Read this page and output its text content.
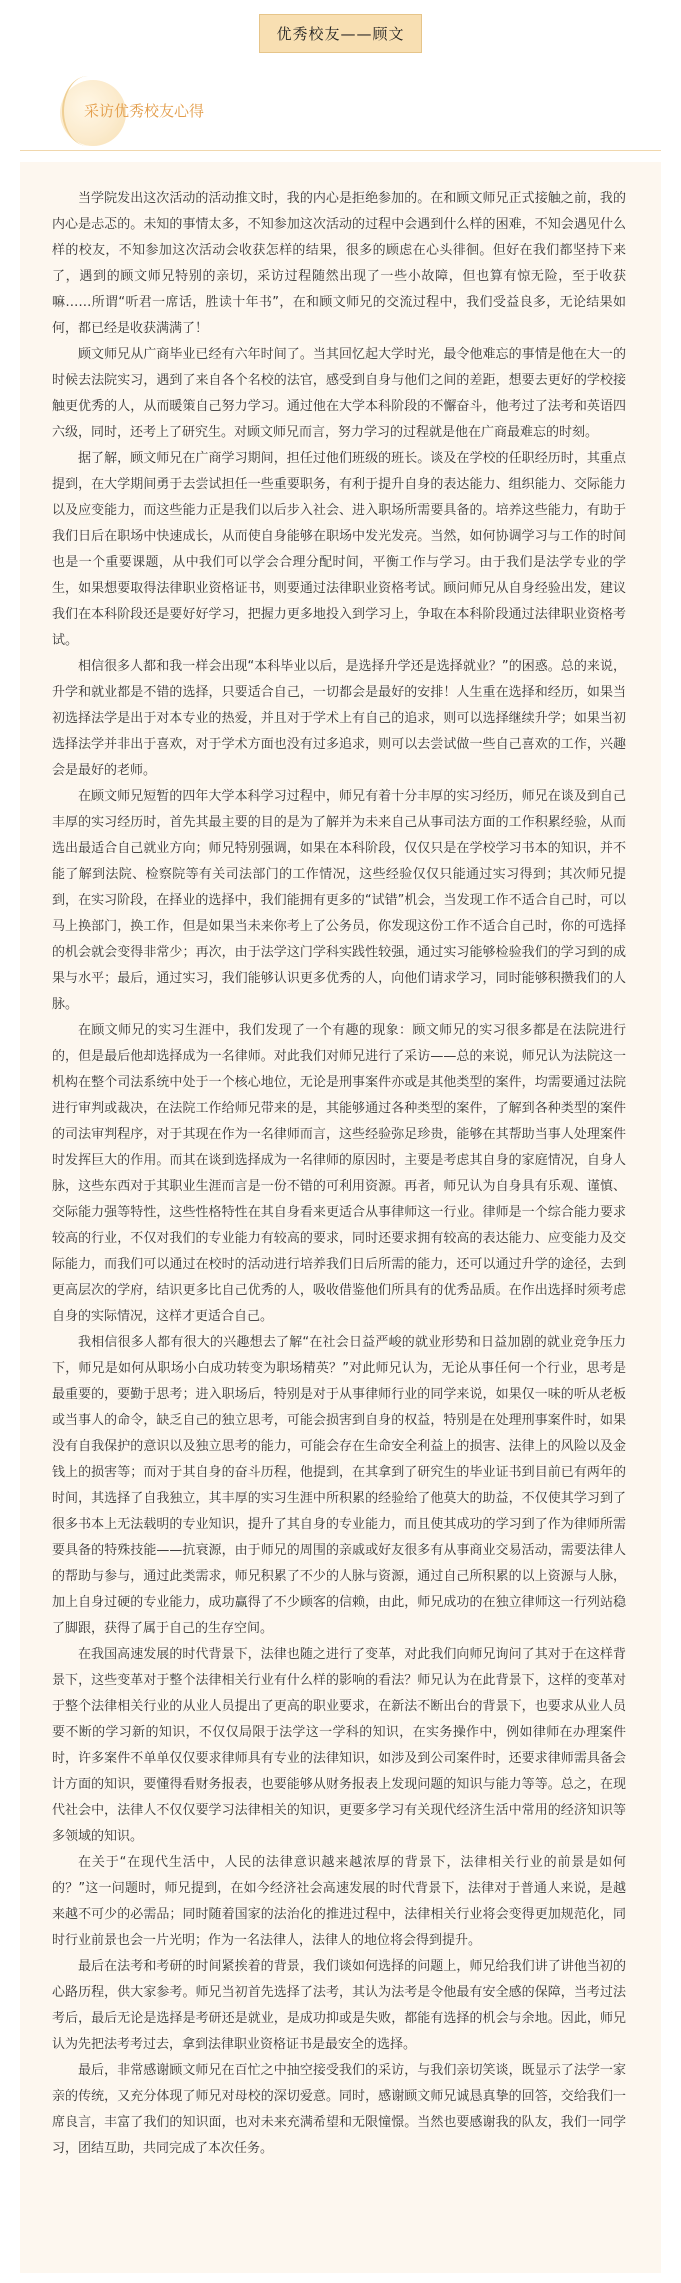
优秀校友——顾文
采访优秀校友心得

当学院发出这次活动的活动推文时，我的内心是拒绝参加的。在和顾文师兄正式接触之前，我的内心是忐忑的。未知的事情太多，不知参加这次活动的过程中会遇到什么样的困难，不知会遇见什么样的校友，不知参加这次活动会收获怎样的结果，很多的顾虑在心头徘徊。但好在我们都坚持下来了，遇到的顾文师兄特别的亲切，采访过程随然出现了一些小故障，但也算有惊无险，至于收获嘛……所谓“听君一席话，胜读十年书”，在和顾文师兄的交流过程中，我们受益良多，无论结果如何，都已经是收获满满了！

顾文师兄从广商毕业已经有六年时间了。当其回忆起大学时光，最令他难忘的事情是他在大一的时候去法院实习，遇到了来自各个名校的法官，感受到自身与他们之间的差距，想要去更好的学校接触更优秀的人，从而暖策自己努力学习。通过他在大学本科阶段的不懈奋斗，他考过了法考和英语四六级，同时，还考上了研究生。对顾文师兄而言，努力学习的过程就是他在广商最难忘的时刻。

据了解，顾文师兄在广商学习期间，担任过他们班级的班长。谈及在学校的任职经历时，其重点提到，在大学期间勇于去尝试担任一些重要职务，有利于提升自身的表达能力、组织能力、交际能力以及应变能力，而这些能力正是我们以后步入社会、进入职场所需要具备的。培养这些能力，有助于我们日后在职场中快速成长，从而使自身能够在职场中发光发亮。当然，如何协调学习与工作的时间也是一个重要课题，从中我们可以学会合理分配时间，平衡工作与学习。由于我们是法学专业的学生，如果想要取得法律职业资格证书，则要通过法律职业资格考试。顾问师兄从自身经验出发，建议我们在本科阶段还是要好好学习，把握力更多地投入到学习上，争取在本科阶段通过法律职业资格考试。

相信很多人都和我一样会出现“本科毕业以后，是选择升学还是选择就业？”的困惑。总的来说，升学和就业都是不错的选择，只要适合自己，一切都会是最好的安排！人生重在选择和经历，如果当初选择法学是出于对本专业的热爱，并且对于学术上有自己的追求，则可以选择继续升学；如果当初选择法学并非出于喜欢，对于学术方面也没有过多追求，则可以去尝试做一些自己喜欢的工作，兴趣会是最好的老师。

在顾文师兄短暂的四年大学本科学习过程中，师兄有着十分丰厚的实习经历，师兄在谈及到自己丰厚的实习经历时，首先其最主要的目的是为了解并为未来自己从事司法方面的工作积累经验，从而选出最适合自己就业方向；师兄特别强调，如果在本科阶段，仅仅只是在学校学习书本的知识，并不能了解到法院、检察院等有关司法部门的工作情况，这些经验仅仅只能通过实习得到；其次师兄提到，在实习阶段，在择业的选择中，我们能拥有更多的“试错”机会，当发现工作不适合自己时，可以马上换部门，换工作，但是如果当未来你考上了公务员，你发现这份工作不适合自己时，你的可选择的机会就会变得非常少；再次，由于法学这门学科实践性较强，通过实习能够检验我们的学习到的成果与水平；最后，通过实习，我们能够认识更多优秀的人，向他们请求学习，同时能够积攒我们的人脉。

在顾文师兄的实习生涯中，我们发现了一个有趣的现象：顾文师兄的实习很多都是在法院进行的，但是最后他却选择成为一名律师。对此我们对师兄进行了采访——总的来说，师兄认为法院这一机构在整个司法系统中处于一个核心地位，无论是刑事案件亦或是其他类型的案件，均需要通过法院进行审判或裁决，在法院工作给师兄带来的是，其能够通过各种类型的案件，了解到各种类型的案件的司法审判程序，对于其现在作为一名律师而言，这些经验弥足珍贵，能够在其帮助当事人处理案件时发挥巨大的作用。而其在谈到选择成为一名律师的原因时，主要是考虑其自身的家庭情况，自身人脉，这些东西对于其职业生涯而言是一份不错的可利用资源。再者，师兄认为自身具有乐观、谨慎、交际能力强等特性，这些性格特性在其自身看来更适合从事律师这一行业。律师是一个综合能力要求较高的行业，不仅对我们的专业能力有较高的要求，同时还要求拥有较高的表达能力、应变能力及交际能力，而我们可以通过在校时的活动进行培养我们日后所需的能力，还可以通过升学的途径，去到更高层次的学府，结识更多比自己优秀的人，吸收借鉴他们所具有的优秀品质。在作出选择时须考虑自身的实际情况，这样才更适合自己。

我相信很多人都有很大的兴趣想去了解“在社会日益严峻的就业形势和日益加剧的就业竞争压力下，师兄是如何从职场小白成功转变为职场精英？”对此师兄认为，无论从事任何一个行业，思考是最重要的，要勤于思考；进入职场后，特别是对于从事律师行业的同学来说，如果仅一味的听从老板或当事人的命令，缺乏自己的独立思考，可能会损害到自身的权益，特别是在处理刑事案件时，如果没有自我保护的意识以及独立思考的能力，可能会存在生命安全利益上的损害、法律上的风险以及金钱上的损害等；而对于其自身的奋斗历程，他提到，在其拿到了研究生的毕业证书到目前已有两年的时间，其选择了自我独立，其丰厚的实习生涯中所积累的经验给了他莫大的助益，不仅使其学习到了很多书本上无法载明的专业知识，提升了其自身的专业能力，而且使其成功的学习到了作为律师所需要具备的特殊技能——抗衰源，由于师兄的周围的亲戚或好友很多有从事商业交易活动，需要法律人的帮助与参与，通过此类需求，师兄积累了不少的人脉与资源，通过自己所积累的以上资源与人脉，加上自身过硬的专业能力，成功赢得了不少顾客的信赖，由此，师兄成功的在独立律师这一行列站稳了脚跟，获得了属于自己的生存空间。

在我国高速发展的时代背景下，法律也随之进行了变革，对此我们向师兄询问了其对于在这样背景下，这些变革对于整个法律相关行业有什么样的影响的看法？师兄认为在此背景下，这样的变革对于整个法律相关行业的从业人员提出了更高的职业要求，在新法不断出台的背景下，也要求从业人员要不断的学习新的知识，不仅仅局限于法学这一学科的知识，在实务操作中，例如律师在办理案件时，许多案件不单单仅仅要求律师具有专业的法律知识，如涉及到公司案件时，还要求律师需具备会计方面的知识，要懂得看财务报表，也要能够从财务报表上发现问题的知识与能力等等。总之，在现代社会中，法律人不仅仅要学习法律相关的知识，更要多学习有关现代经济生活中常用的经济知识等多领域的知识。

在关于“在现代生活中，人民的法律意识越来越浓厚的背景下，法律相关行业的前景是如何的？”这一问题时，师兄提到，在如今经济社会高速发展的时代背景下，法律对于普通人来说，是越来越不可少的必需品；同时随着国家的法治化的推进过程中，法律相关行业将会变得更加规范化，同时行业前景也会一片光明；作为一名法律人，法律人的地位将会得到提升。

最后在法考和考研的时间紧挨着的背景，我们谈如何选择的问题上，师兄给我们讲了讲他当初的心路历程，供大家参考。师兄当初首先选择了法考，其认为法考是令他最有安全感的保障，当考过法考后，最后无论是选择是考研还是就业，是成功抑或是失败，都能有选择的机会与余地。因此，师兄认为先把法考考过去，拿到法律职业资格证书是最安全的选择。

最后，非常感谢顾文师兄在百忙之中抽空接受我们的采访，与我们亲切笑谈，既显示了法学一家亲的传统，又充分体现了师兄对母校的深切爱意。同时，感谢顾文师兄诚恳真挚的回答，交给我们一席良言，丰富了我们的知识面，也对未来充满希望和无限憧憬。当然也要感谢我的队友，我们一同学习，团结互助，共同完成了本次任务。
